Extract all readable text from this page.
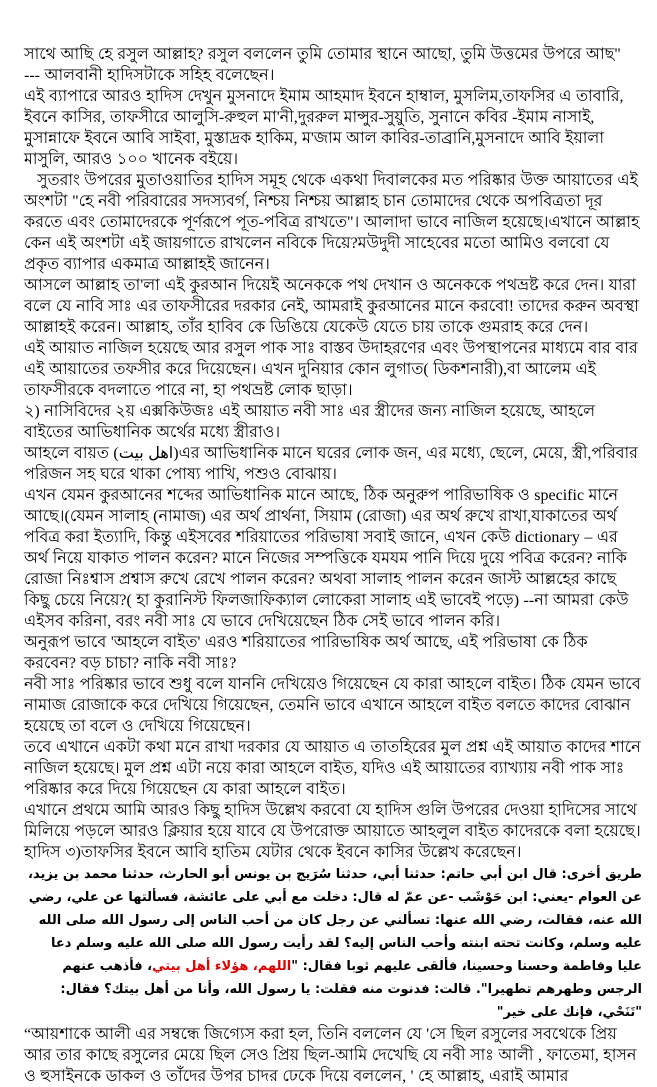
সাথে আছি হে রসুল আল্লাহ? রসুল বললেন তুমি তোমার স্থানে আছো, তুমি উত্তমের উপরে আছ"

--- আলবানী হাদিসটাকে সহিহ বলেছেন।

এই ব্যাপারে আরও হাদিস দেখুন মুসনাদে ইমাম আহমাদ ইবনে হাম্বাল, মুসলিম,তাফসির এ তাবারি, ইবনে কাসির, তাফসীরে আলুসি-রুহুল মা'নী,দুররুল মান্সুর-সুয়ুতি, সুনানে কবির -ইমাম নাসাই, মুসান্নাফে ইবনে আবি সাইবা, মুস্তাদ্রক হাকিম, ম'জাম আল কাবির-তাব্রানি,মুসনাদে আবি ইয়ালা মাসুলি, আরও ১০০ খানেক বইয়ে।

সুতরাং উপরের মুতাওয়াতির হাদিস সমূহ থেকে একথা দিবালকের মত পরিষ্কার উক্ত আয়াতের এই অংশটা "হে নবী পরিবারের সদস্যবর্গ, নিশ্চয় নিশ্চয় আল্লাহ চান তোমাদের থেকে অপবিত্রতা দূর করতে এবং তোমাদেরকে পূর্ণরূপে পূত-পবিত্র রাখতে"। আলাদা ভাবে নাজিল হয়েছে।এখানে আল্লাহ কেন এই অংশটা এই জায়গাতে রাখলেন নবিকে দিয়ে?মউদুদী সাহেবের মতো আমিও বলবো যে প্রকৃত ব্যাপার একমাত্র আল্লাহই জানেন।

আসলে আল্লাহ তা'লা এই কুরআন দিয়েই অনেককে পথ দেখান ও অনেককে পথভ্রষ্ট করে দেন। যারা বলে যে নাবি সাঃ এর তাফসীরের দরকার নেই, আমরাই কুরআনের মানে করবো! তাদের করুন অবস্থা আল্লাহই করেন। আল্লাহ, তাঁর হাবিব কে ডিঙিয়ে যেকেউ যেতে চায় তাকে গুমরাহ করে দেন।

এই আয়াত নাজিল হয়েছে আর রসুল পাক সাঃ বাস্তব উদাহরণের এবং উপস্থাপনের মাধ্যমে বার বার এই আয়াতের তফসীর করে দিয়েছেন। এখন দুনিয়ার কোন লুগাত( ডিকশনারী),বা আলেম এই তাফসীরকে বদলাতে পারে না, হা পথভ্রষ্ট লোক ছাড়া।

২) নাসিবিদের ২য় এক্সকিউজঃ এই আয়াত নবী সাঃ এর স্ত্রীদের জন্য নাজিল হয়েছে, আহলে বাইতের আভিধানিক অর্থের মধ্যে স্ত্রীরাও।

আহলে বায়ত (اهل بيت)এর আভিধানিক মানে ঘরের লোক জন, এর মধ্যে, ছেলে, মেয়ে, স্ত্রী,পরিবার পরিজন সহ ঘরে থাকা পোষ্য পাখি, পশুও বোঝায়।

এখন যেমন কুরআনের শব্দের আভিধানিক মানে আছে, ঠিক অনুরুপ পারিভাষিক ও specific মানে আছে।(যেমন সালাহ (নামাজ) এর অর্থ প্রার্থনা, সিয়াম (রোজা) এর অর্থ রুখে রাখা,যাকাতের অর্থ পবিত্র করা ইত্যাদি, কিন্তু এইসবের শরিয়াতের পরিভাষা সবাই জানে, এখন কেউ dictionary – এর অর্থ নিয়ে যাকাত পালন করেন? মানে নিজের সম্পত্তিকে যমযম পানি দিয়ে দুয়ে পবিত্র করেন? নাকি রোজা নিঃশ্বাস প্রশ্বাস রুখে রেখে পালন করেন? অথবা সালাহ পালন করেন জাস্ট আল্লহের কাছে কিছু চেয়ে নিয়ে?( হা কুরানিস্ট ফিলজাফিক্যাল লোকেরা সালাহ এই ভাবেই পড়ে) --না আমরা কেউ এইসব করিনা, বরং নবী সাঃ যে ভাবে দেখিয়েছেন ঠিক সেই ভাবে পালন করি।

অনুরূপ ভাবে 'আহলে বাইত' এরও শরিয়াতের পারিভাষিক অর্থ আছে, এই পরিভাষা কে ঠিক করবেন? বড় চাচা? নাকি নবী সাঃ?

নবী সাঃ পরিষ্কার ভাবে শুধু বলে যাননি দেখিয়েও গিয়েছেন যে কারা আহলে বাইত। ঠিক যেমন ভাবে নামাজ রোজাকে করে দেখিয়ে গিয়েছেন, তেমনি ভাবে এখানে আহলে বাইত বলতে কাদের বোঝান হয়েছে তা বলে ও দেখিয়ে গিয়েছেন।

তবে এখানে একটা কথা মনে রাখা দরকার যে আয়াত এ তাতহিরের মুল প্রশ্ন এই আয়াত কাদের শানে নাজিল হয়েছে। মুল প্রশ্ন এটা নয়ে কারা আহলে বাইত, যদিও এই আয়াতের ব্যাখ্যায় নবী পাক সাঃ পরিষ্কার করে দিয়ে গিয়েছেন যে কারা আহলে বাইত।

এখানে প্রথমে আমি আরও কিছু হাদিস উল্লেখ করবো যে হাদিস গুলি উপরের দেওয়া হাদিসের সাথে মিলিয়ে পড়লে আরও ক্লিয়ার হয়ে যাবে যে উপরোক্ত আয়াতে আহলুল বাইত কাদেরকে বলা হয়েছে।

হাদিস ৩)তাফসির ইবনে আবি হাতিম যেটার থেকে ইবনে কাসির উল্লেখ করেছেন।

طريق أخرى: قال ابن أبي حاتم: حدثنا أبي، حدثنا سُرَيج بن يونس أبو الحارث، حدثنا محمد بن يزيد، عن العوام -يعني: ابن حَوْشَب -عن عمّ له قال: دخلت مع أبي على عائشة، فسألتها عن علي، رضي الله عنه، فقالت، رضي الله عنها: تسألني عن رجل كان من أحب الناس إلى رسول الله صلى الله عليه وسلم، وكانت تحته ابنته وأحب الناس إليه؟ لقد رأيت رسول الله صلى الله عليه وسلم دعا عليا وفاطمة وحسنا وحسينا، فألقى عليهم ثوبا فقال: "اللهم، هؤلاء أهل بيتي، فأذهب عنهم الرجس وطهرهم تطهيرا". قالت: فدنوت منه فقلت: يا رسول الله، وأنا من أهل بيتك؟ فقال: "تَنَحْي، فإنك على خير"

“আয়শাকে আলী এর সম্বন্ধে জিগ্যেস করা হল, তিনি বললেন যে 'সে ছিল রসুলের সবথেকে প্রিয় আর তার কাছে রসুলের মেয়ে ছিল সেও প্রিয় ছিল-আমি দেখেছি যে নবী সাঃ আলী , ফাতেমা, হাসন ও হুসাইনকে ডাকল ও তাঁদের উপর চাদর ঢেকে দিয়ে বললেন, ' হে আল্লাহ, এরাই আমার
